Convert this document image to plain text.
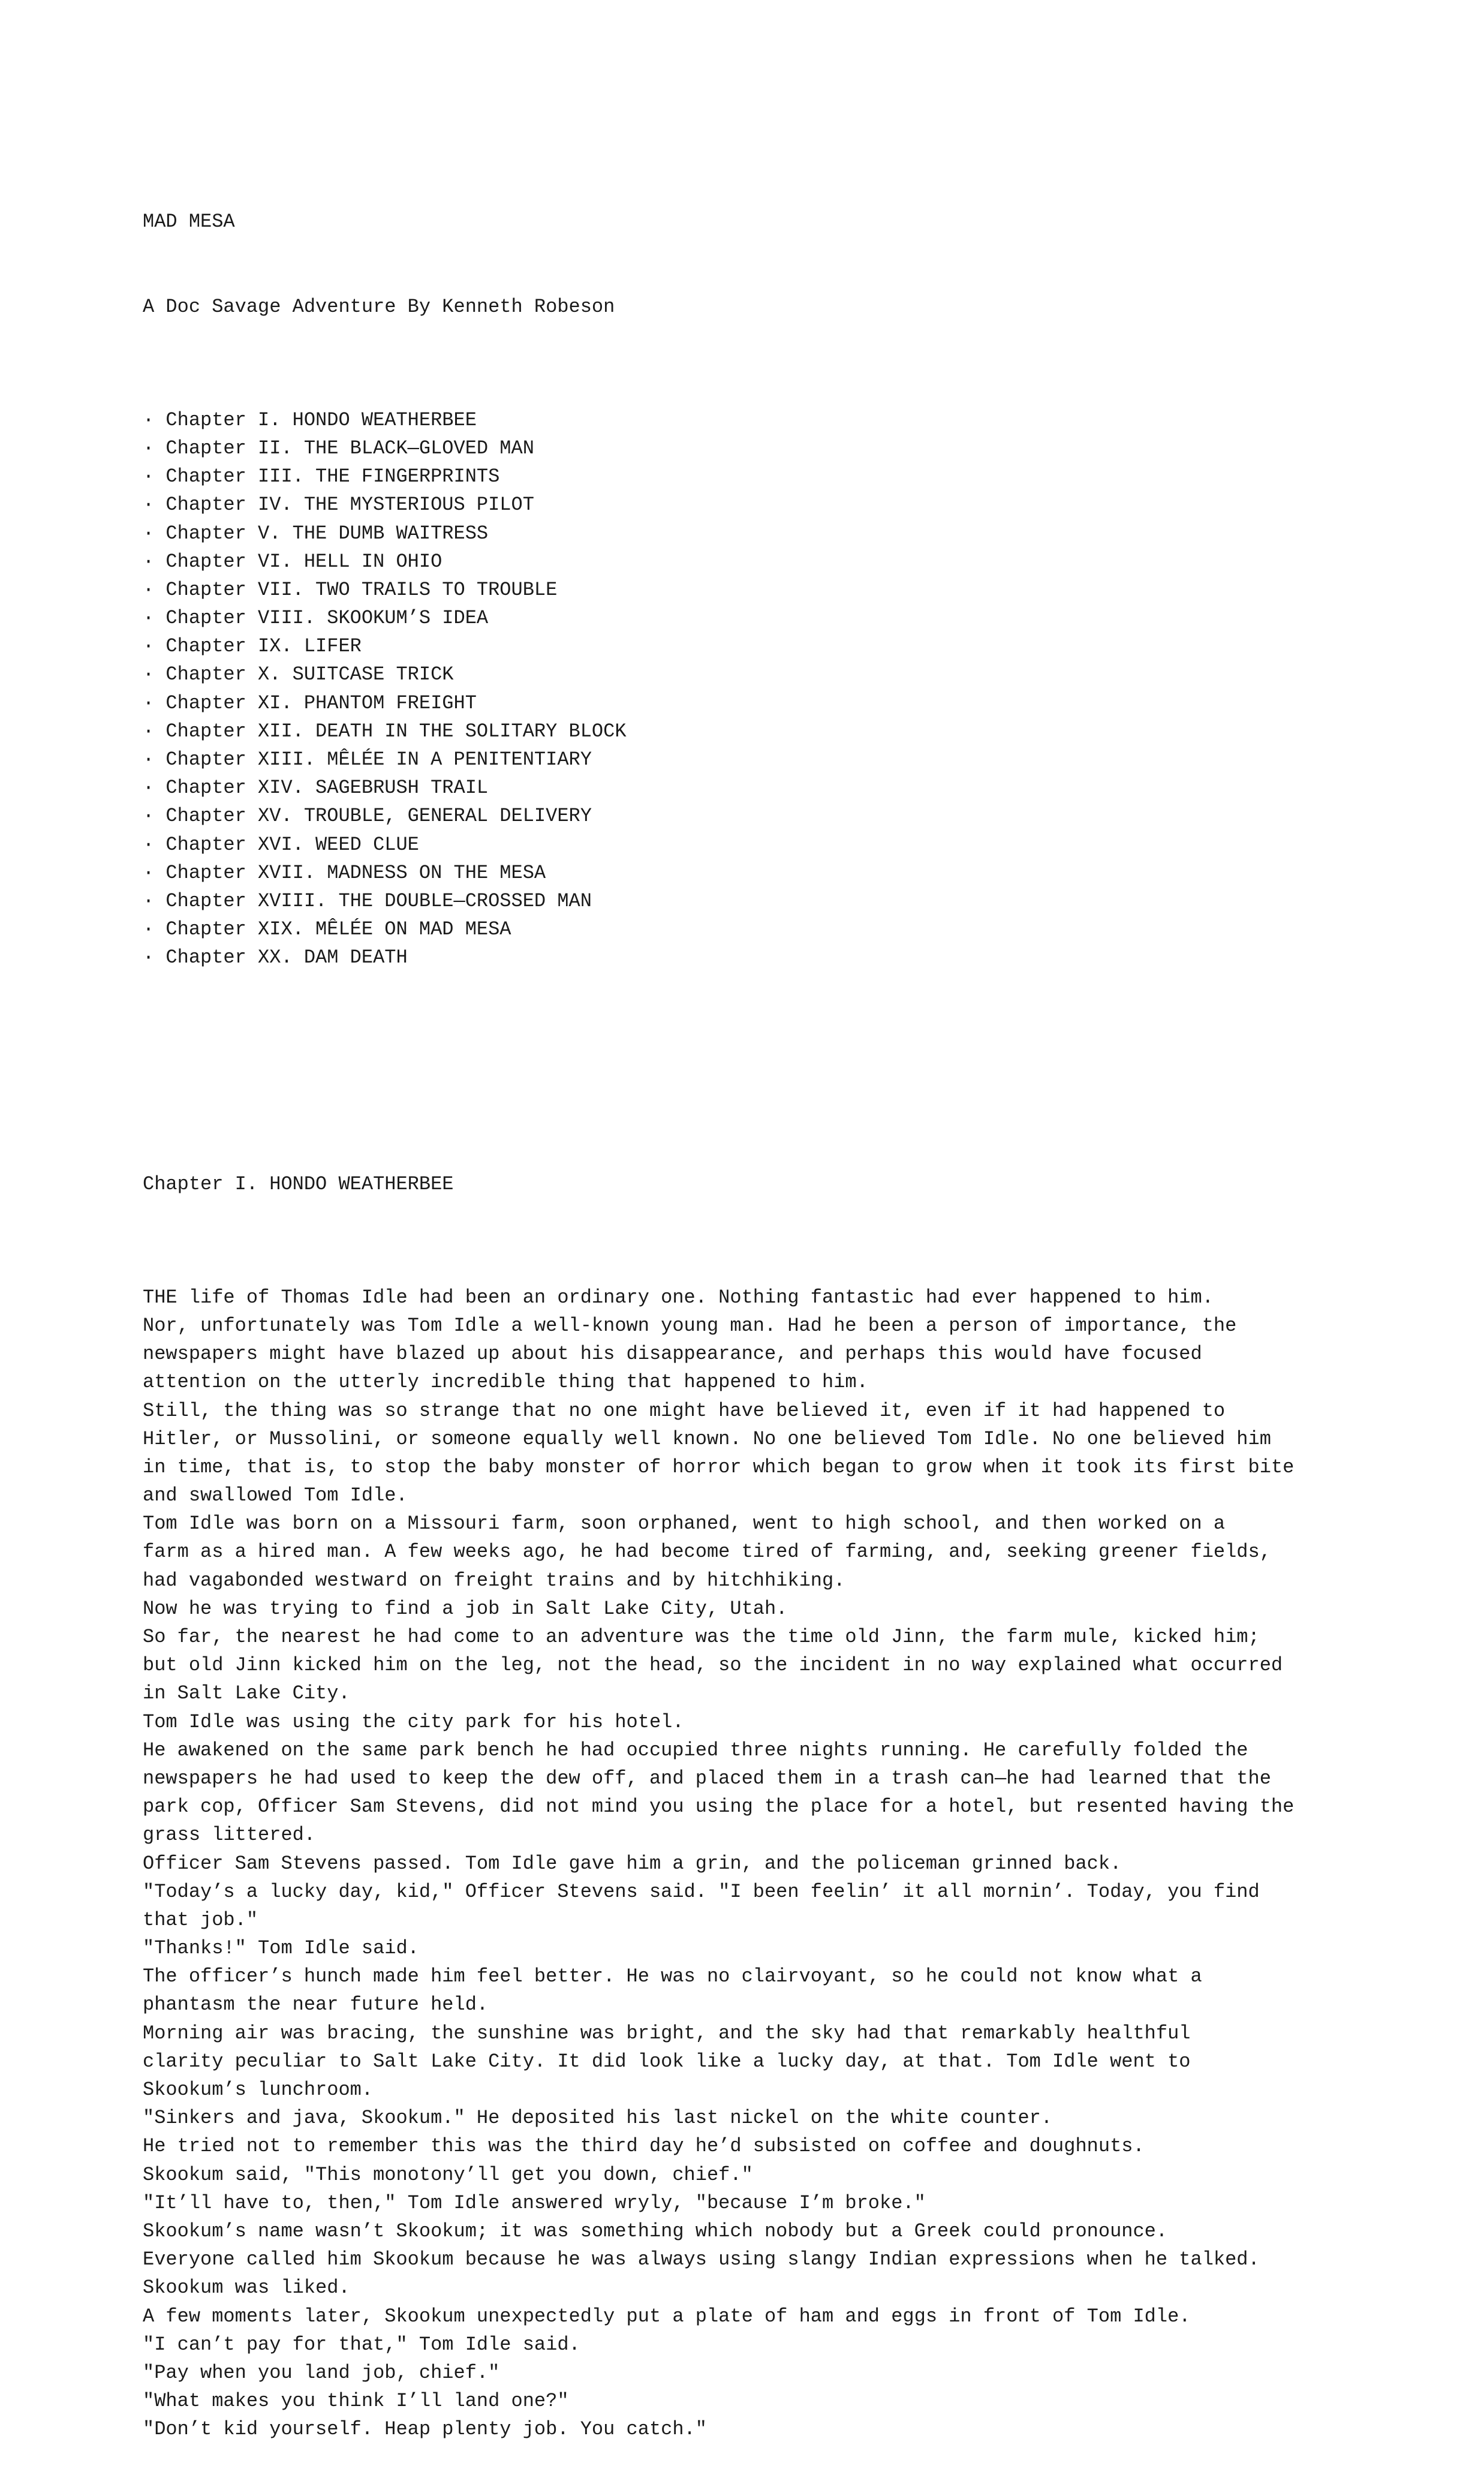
MAD MESA

A Doc Savage Adventure By Kenneth Robeson

· Chapter I. HONDO WEATHERBEE
· Chapter II. THE BLACK—GLOVED MAN
· Chapter III. THE FINGERPRINTS
· Chapter IV. THE MYSTERIOUS PILOT
· Chapter V. THE DUMB WAITRESS
· Chapter VI. HELL IN OHIO
· Chapter VII. TWO TRAILS TO TROUBLE
· Chapter VIII. SKOOKUM’S IDEA
· Chapter IX. LIFER
· Chapter X. SUITCASE TRICK
· Chapter XI. PHANTOM FREIGHT
· Chapter XII. DEATH IN THE SOLITARY BLOCK
· Chapter XIII. MÊLÉE IN A PENITENTIARY
· Chapter XIV. SAGEBRUSH TRAIL
· Chapter XV. TROUBLE, GENERAL DELIVERY
· Chapter XVI. WEED CLUE
· Chapter XVII. MADNESS ON THE MESA
· Chapter XVIII. THE DOUBLE—CROSSED MAN
· Chapter XIX. MÊLÉE ON MAD MESA
· Chapter XX. DAM DEATH

Chapter I. HONDO WEATHERBEE

THE life of Thomas Idle had been an ordinary one. Nothing fantastic had ever happened to him.
Nor, unfortunately was Tom Idle a well-known young man. Had he been a person of importance, the
newspapers might have blazed up about his disappearance, and perhaps this would have focused
attention on the utterly incredible thing that happened to him.
Still, the thing was so strange that no one might have believed it, even if it had happened to
Hitler, or Mussolini, or someone equally well known. No one believed Tom Idle. No one believed him
in time, that is, to stop the baby monster of horror which began to grow when it took its first bite
and swallowed Tom Idle.
Tom Idle was born on a Missouri farm, soon orphaned, went to high school, and then worked on a
farm as a hired man. A few weeks ago, he had become tired of farming, and, seeking greener fields,
had vagabonded westward on freight trains and by hitchhiking.
Now he was trying to find a job in Salt Lake City, Utah.
So far, the nearest he had come to an adventure was the time old Jinn, the farm mule, kicked him;
but old Jinn kicked him on the leg, not the head, so the incident in no way explained what occurred
in Salt Lake City.
Tom Idle was using the city park for his hotel.
He awakened on the same park bench he had occupied three nights running. He carefully folded the
newspapers he had used to keep the dew off, and placed them in a trash can—he had learned that the
park cop, Officer Sam Stevens, did not mind you using the place for a hotel, but resented having the
grass littered.
Officer Sam Stevens passed. Tom Idle gave him a grin, and the policeman grinned back.
"Today’s a lucky day, kid," Officer Stevens said. "I been feelin’ it all mornin’. Today, you find
that job."
"Thanks!" Tom Idle said.
The officer’s hunch made him feel better. He was no clairvoyant, so he could not know what a
phantasm the near future held.
Morning air was bracing, the sunshine was bright, and the sky had that remarkably healthful
clarity peculiar to Salt Lake City. It did look like a lucky day, at that. Tom Idle went to
Skookum’s lunchroom.
"Sinkers and java, Skookum." He deposited his last nickel on the white counter.
He tried not to remember this was the third day he’d subsisted on coffee and doughnuts.
Skookum said, "This monotony’ll get you down, chief."
"It’ll have to, then," Tom Idle answered wryly, "because I’m broke."
Skookum’s name wasn’t Skookum; it was something which nobody but a Greek could pronounce.
Everyone called him Skookum because he was always using slangy Indian expressions when he talked.
Skookum was liked.
A few moments later, Skookum unexpectedly put a plate of ham and eggs in front of Tom Idle.
"I can’t pay for that," Tom Idle said.
"Pay when you land job, chief."
"What makes you think I’ll land one?"
"Don’t kid yourself. Heap plenty job. You catch."
